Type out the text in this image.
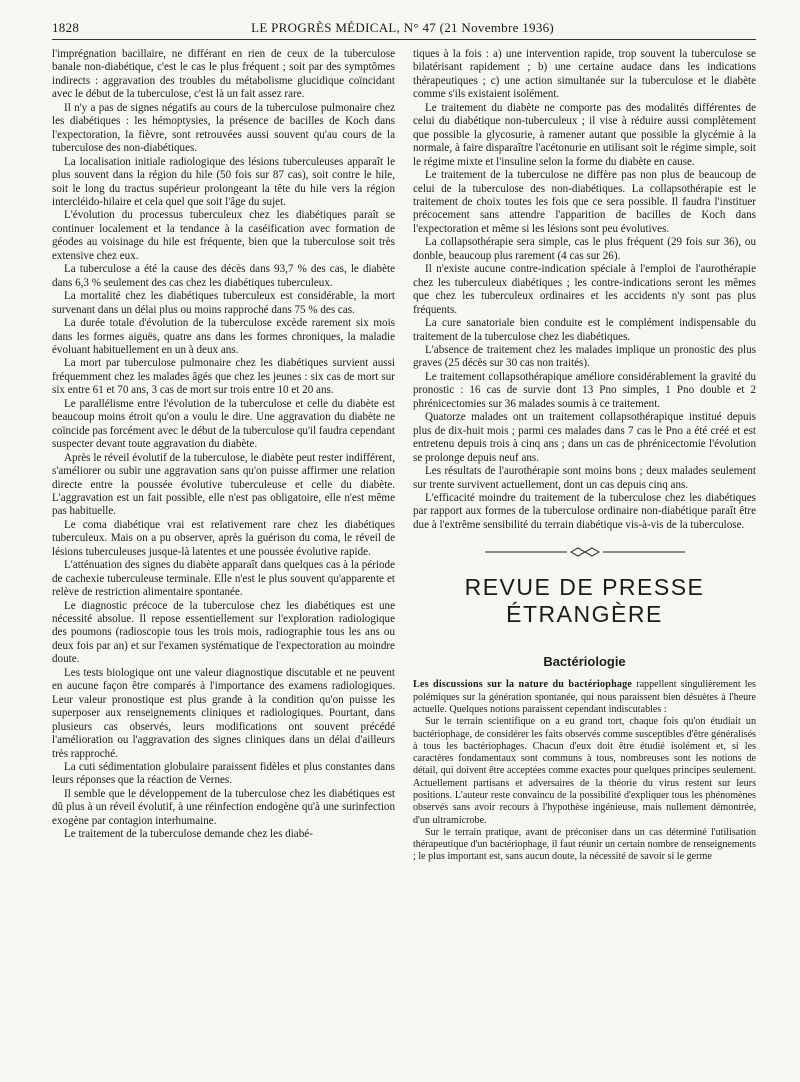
1828	LE PROGRÈS MÉDICAL, N° 47 (21 Novembre 1936)

l'imprégnation bacillaire, ne différant en rien de ceux de la tuberculose banale non-diabétique, c'est le cas le plus fréquent ; soit par des symptômes indirects : aggravation des troubles du métabolisme glucidique coïncidant avec le début de la tuberculose, c'est là un fait assez rare.

Il n'y a pas de signes négatifs au cours de la tuberculose pulmonaire chez les diabétiques : les hémoptysies, la présence de bacilles de Koch dans l'expectoration, la fièvre, sont retrouvées aussi souvent qu'au cours de la tuberculose des non-diabétiques.

La localisation initiale radiologique des lésions tuberculeuses apparaît le plus souvent dans la région du hile (50 fois sur 87 cas), soit contre le hile, soit le long du tractus supérieur prolongeant la tête du hile vers la région intercléido-hilaire et cela quel que soit l'âge du sujet.

L'évolution du processus tuberculeux chez les diabétiques paraît se continuer localement et la tendance à la caséification avec formation de géodes au voisinage du hile est fréquente, bien que la tuberculose soit très extensive chez eux.

La tuberculose a été la cause des décès dans 93,7 % des cas, le diabète dans 6,3 % seulement des cas chez les diabétiques tuberculeux.

La mortalité chez les diabétiques tuberculeux est considérable, la mort survenant dans un délai plus ou moins rapproché dans 75 % des cas.

La durée totale d'évolution de la tuberculose excède rarement six mois dans les formes aiguës, quatre ans dans les formes chroniques, la maladie évoluant habituellement en un à deux ans.

La mort par tuberculose pulmonaire chez les diabétiques survient aussi fréquemment chez les malades âgés que chez les jeunes : six cas de mort sur six entre 61 et 70 ans, 3 cas de mort sur trois entre 10 et 20 ans.

Le parallélisme entre l'évolution de la tuberculose et celle du diabète est beaucoup moins étroit qu'on a voulu le dire. Une aggravation du diabète ne coïncide pas forcément avec le début de la tuberculose qu'il faudra cependant suspecter devant toute aggravation du diabète.

Après le réveil évolutif de la tuberculose, le diabète peut rester indifférent, s'améliorer ou subir une aggravation sans qu'on puisse affirmer une relation directe entre la poussée évolutive tuberculeuse et celle du diabète. L'aggravation est un fait possible, elle n'est pas obligatoire, elle n'est même pas habituelle.

Le coma diabétique vrai est relativement rare chez les diabétiques tuberculeux. Mais on a pu observer, après la guérison du coma, le réveil de lésions tuberculeuses jusque-là latentes et une poussée évolutive rapide.

L'atténuation des signes du diabète apparaît dans quelques cas à la période de cachexie tuberculeuse terminale. Elle n'est le plus souvent qu'apparente et relève de restriction alimentaire spontanée.

Le diagnostic précoce de la tuberculose chez les diabétiques est une nécessité absolue. Il repose essentiellement sur l'exploration radiologique des poumons (radioscopie tous les trois mois, radiographie tous les ans ou deux fois par an) et sur l'examen systématique de l'expectoration au moindre doute.

Les tests biologique ont une valeur diagnostique discutable et ne peuvent en aucune façon être comparés à l'importance des examens radiologiques. Leur valeur pronostique est plus grande à la condition qu'on puisse les superposer aux renseignements cliniques et radiologiques. Pourtant, dans plusieurs cas observés, leurs modifications ont souvent précédé l'amélioration ou l'aggravation des signes cliniques dans un délai d'ailleurs très rapproché.

La cuti sédimentation globulaire paraissent fidèles et plus constantes dans leurs réponses que la réaction de Vernes.

Il semble que le développement de la tuberculose chez les diabétiques est dû plus à un réveil évolutif, à une réinfection endogène qu'à une surinfection exogène par contagion interhumaine.

Le traitement de la tuberculose demande chez les diabé-

tiques à la fois : a) une intervention rapide, trop souvent la tuberculose se bilatérisant rapidement ; b) une certaine audace dans les indications thérapeutiques ; c) une action simultanée sur la tuberculose et le diabète comme s'ils existaient isolément.

Le traitement du diabète ne comporte pas des modalités différentes de celui du diabétique non-tuberculeux ; il vise à réduire aussi complètement que possible la glycosurie, à ramener autant que possible la glycémie à la normale, à faire disparaître l'acétonurie en utilisant soit le régime simple, soit le régime mixte et l'insuline selon la forme du diabète en cause.

Le traitement de la tuberculose ne diffère pas non plus de beaucoup de celui de la tuberculose des non-diabétiques. La collapsothérapie est le traitement de choix toutes les fois que ce sera possible. Il faudra l'instituer précocement sans attendre l'apparition de bacilles de Koch dans l'expectoration et même si les lésions sont peu évolutives.

La collapsothérapie sera simple, cas le plus fréquent (29 fois sur 36), ou donble, beaucoup plus rarement (4 cas sur 26).

Il n'existe aucune contre-indication spéciale à l'emploi de l'aurothérapie chez les tuberculeux diabétiques ; les contre-indications seront les mêmes que chez les tuberculeux ordinaires et les accidents n'y sont pas plus fréquents.

La cure sanatoriale bien conduite est le complément indispensable du traitement de la tuberculose chez les diabétiques.

L'absence de traitement chez les malades implique un pronostic des plus graves (25 décès sur 30 cas non traités).

Le traitement collapsothérapique améliore considérablement la gravité du pronostic : 16 cas de survie dont 13 Pno simples, 1 Pno double et 2 phrénicectomies sur 36 malades soumis à ce traitement.

Quatorze malades ont un traitement collapsothérapique institué depuis plus de dix-huit mois ; parmi ces malades dans 7 cas le Pno a été créé et est entretenu depuis trois à cinq ans ; dans un cas de phrénicectomie l'évolution se prolonge depuis neuf ans.

Les résultats de l'aurothérapie sont moins bons ; deux malades seulement sur trente survivent actuellement, dont un cas depuis cinq ans.

L'efficacité moindre du traitement de la tuberculose chez les diabétiques par rapport aux formes de la tuberculose ordinaire non-diabétique paraît être due à l'extrême sensibilité du terrain diabétique vis-à-vis de la tuberculose.

REVUE DE PRESSE ÉTRANGÈRE
Bactériologie

Les discussions sur la nature du bactériophage rappellent singulièrement les polémiques sur la génération spontanée, qui nous paraissent bien désuètes à l'heure actuelle. Quelques notions paraissent cependant indiscutables :

Sur le terrain scientifique on a eu grand tort, chaque fois qu'on étudiait un bactériophage, de considérer les faits observés comme susceptibles d'être généralisés à tous les bactériophages. Chacun d'eux doit être étudié isolément et, si les caractères fondamentaux sont communs à tous, nombreuses sont les notions de détail, qui doivent être acceptées comme exactes pour quelques principes seulement. Actuellement partisans et adversaires de la théorie du virus restent sur leurs positions. L'auteur reste convaincu de la possibilité d'expliquer tous les phénomènes observés sans avoir recours à l'hypothèse ingénieuse, mais nullement démontrée, d'un ultramicrobe.

Sur le terrain pratique, avant de préconiser dans un cas déterminé l'utilisation thérapeutique d'un bactériophage, il faut réunir un certain nombre de renseignements ; le plus important est, sans aucun doute, la nécessité de savoir si le germe
